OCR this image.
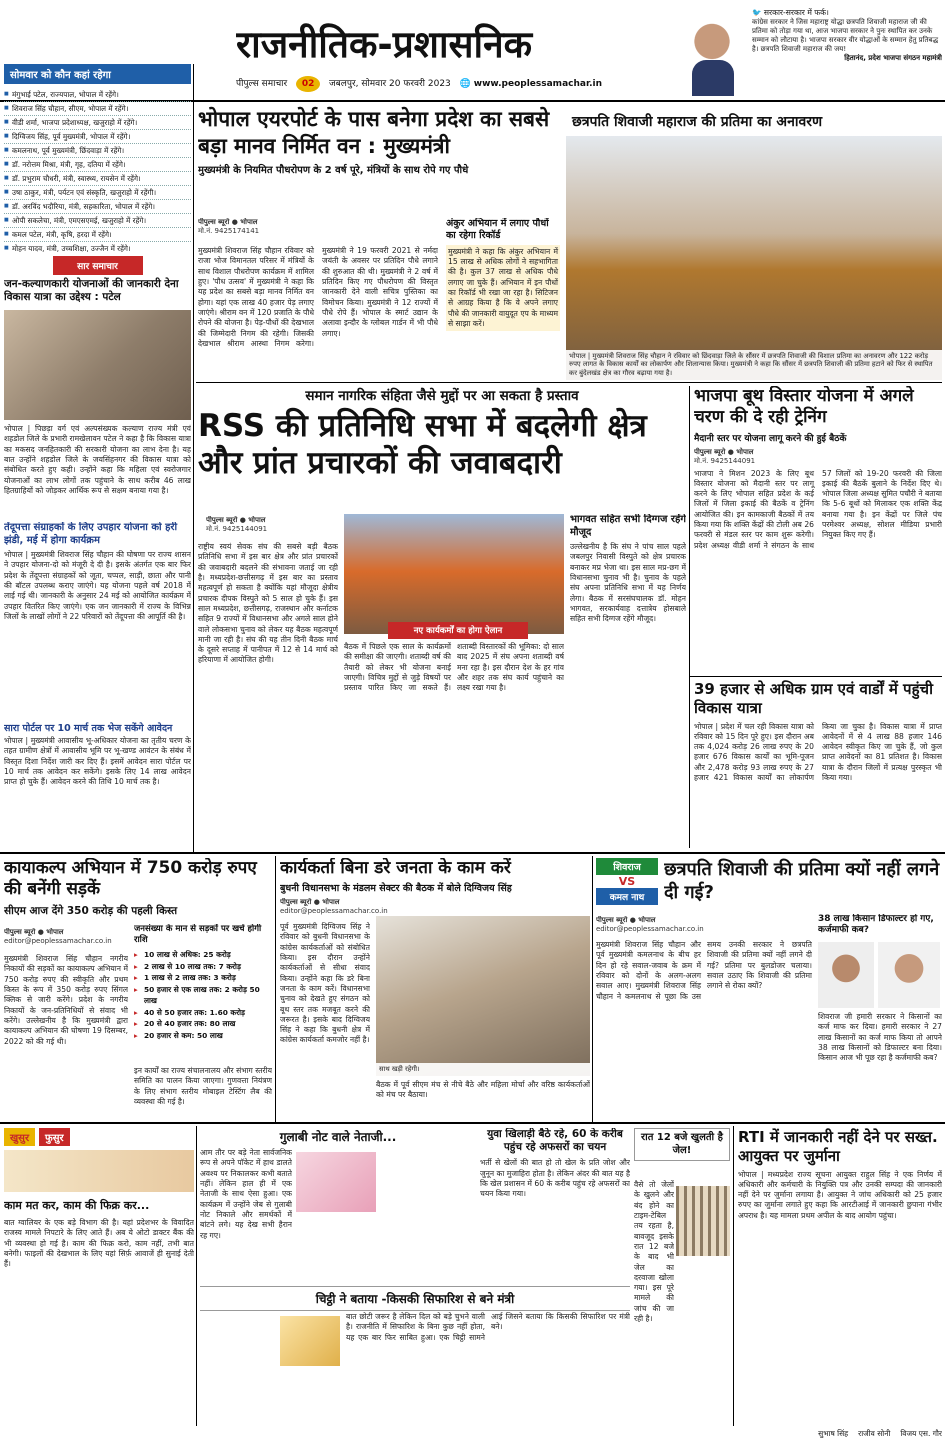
राजनीतिक-प्रशासनिक
पीपुल्स समाचार 02 जबलपुर, सोमवार 20 फरवरी 2023 🌐 www.peoplessamachar.in
🐦 सरकार-सरकार में फर्क।
कांग्रेस सरकार ने जिस महाराष्ट्र योद्धा छत्रपति शिवाजी महाराज जी की प्रतिमा को तोड़ा गया था, आज भाजपा सरकार ने पुनः स्थापित कर उनके सम्मान को लौटाया है। भाजपा सरकार वीर योद्धाओं के सम्मान हेतु प्रतिबद्ध है। छत्रपति शिवाजी महाराज की जय!
हितानंद, प्रदेश भाजपा संगठन महामंत्री
सोमवार को कौन कहां रहेगा
■ मंगुभाई पटेल, राज्यपाल, भोपाल में रहेंगे।
■ शिवराज सिंह चौहान, सीएम, भोपाल में रहेंगे।
■ वीडी शर्मा, भाजपा प्रदेशाध्यक्ष, खजुराहो में रहेंगे।
■ दिग्विजय सिंह, पूर्व मुख्यमंत्री, भोपाल में रहेंगे।
■ कमलनाथ, पूर्व मुख्यमंत्री, छिंदवाड़ा में रहेंगे।
■ डॉ. नरोत्तम मिश्रा, मंत्री, गृह, दतिया में रहेंगे।
■ डॉ. प्रभुराम चौधरी, मंत्री, स्वास्थ्य, रायसेन में रहेंगे।
■ उषा ठाकुर, मंत्री, पर्यटन एवं संस्कृति, खजुराहो में रहेंगी।
■ डॉ. अरविंद भदौरिया, मंत्री, सहकारिता, भोपाल में रहेंगे।
■ ओपी सकलेचा, मंत्री, एमएसएमई, खजुराहो में रहेंगे।
■ कमल पटेल, मंत्री, कृषि, हरदा में रहेंगे।
■ मोहन यादव, मंत्री, उच्चशिक्षा, उज्जैन में रहेंगे।
सार समाचार
जन-कल्याणकारी योजनाओं की जानकारी देना विकास यात्रा का उद्देश्य : पटेल
भोपाल | पिछड़ा वर्ग एवं अल्पसंख्यक कल्याण राज्य मंत्री एवं शहडोल जिले के प्रभारी रामखेलावन पटेल ने कहा है कि विकास यात्रा का मकसद जनहितकारी की सरकारी योजना का लाभ देना है। यह बात उन्होंने शहडोल जिले के जयसिंहनगर की विकास यात्रा को संबोधित करते हुए कही। उन्होंने कहा कि महिला एवं स्वरोजगार योजनाओं का लाभ लोगों तक पहुंचाने के साथ करीब 46 लाख हितग्राहियों को जोड़कर आर्थिक रूप से सक्षम बनाया गया है।
तेंदूपत्ता संग्राहकों के लिए उपहार योजना को हरी झंडी, मई में होगा कार्यक्रम
भोपाल | मुख्यमंत्री शिवराज सिंह चौहान की घोषणा पर राज्य शासन ने उपहार योजना-दो को मंजूरी दे दी है। इसके अंतर्गत एक बार फिर प्रदेश के तेंदूपत्ता संग्राहकों को जूता, चप्पल, साड़ी, छाता और पानी की बॉटल उपलब्ध कराए जाएंगे। यह योजना पहले वर्ष 2018 में लाई गई थी। जानकारी के अनुसार 24 मई को आयोजित कार्यक्रम में उपहार वितरित किए जाएंगे। एक जन जानकारी में राज्य के विभिन्न जिलों के लाखों लोगों ने 22 परिवारों को तेंदूपत्ता की आपूर्ति की है।
सारा पोर्टल पर 10 मार्च तक भेज सकेंगे आवेदन
भोपाल | मुख्यमंत्री आवासीय भू-अधिकार योजना का तृतीय चरण के तहत ग्रामीण क्षेत्रों में आवासीय भूमि पर भू-खण्ड आवंटन के संबंध में विस्तृत दिशा निर्देश जारी कर दिए हैं। इसमें आवेदन सारा पोर्टल पर 10 मार्च तक आवेदन कर सकेंगे। इसके लिए 14 लाख आवेदन प्राप्त हो चुके हैं। आवेदन करने की तिथि 10 मार्च तक है।
भोपाल एयरपोर्ट के पास बनेगा प्रदेश का सबसे बड़ा मानव निर्मित वन : मुख्यमंत्री
मुख्यमंत्री के नियमित पौधरोपण के 2 वर्ष पूरे, मंत्रियों के साथ रोपे गए पौधे
पीपुल्स ब्यूरो ● भोपाल
मो.नं. 9425174141
मुख्यमंत्री शिवराज सिंह चौहान रविवार को राजा भोज विमानतल परिसर में मंत्रियों के साथ विशाल पौधरोपण कार्यक्रम में शामिल हुए। 'पौध उत्सव' में मुख्यमंत्री ने कहा कि यह प्रदेश का सबसे बड़ा मानव निर्मित वन होगा। यहां एक लाख 40 हजार पेड़ लगाए जाएंगे। श्रीराम वन में 120 प्रजाति के पौधे रोपने की योजना है। पेड़-पौधों की देखभाल की जिम्मेदारी निगम की रहेगी। जिसकी देखभाल श्रीराम आस्था निगम करेगा। मुख्यमंत्री ने 19 फरवरी 2021 से नर्मदा जयंती के अवसर पर प्रतिदिन पौधे लगाने की शुरुआत की थी। मुख्यमंत्री ने 2 वर्ष में प्रतिदिन किए गए पौधरोपण की विस्तृत जानकारी देने वाली सचित्र पुस्तिका का विमोचन किया। मुख्यमंत्री ने 12 राज्यों में पौधे रोपे हैं। भोपाल के स्मार्ट उद्यान के अलावा इन्दौर के ग्लोबल गार्डन में भी पौधे लगाए।
अंकुर अभियान में लगाए पौधों का रहेगा रिकॉर्ड
मुख्यमंत्री ने कहा कि अंकुर अभियान में 15 लाख से अधिक लोगों ने सहभागिता की है। कुल 37 लाख से अधिक पौधे लगाए जा चुके हैं। अभियान में इन पौधों का रिकॉर्ड भी रखा जा रहा है। सिटिजन से आग्रह किया है कि वे अपने लगाए पौधे की जानकारी वायुदूत एप के माध्यम से साझा करें।
छत्रपति शिवाजी महाराज की प्रतिमा का अनावरण
भोपाल | मुख्यमंत्री शिवराज सिंह चौहान ने रविवार को छिंदवाड़ा जिले के सौंसर में छत्रपति शिवाजी की विशाल प्रतिमा का अनावरण और 122 करोड़ रुपए लागत के विकास कार्यों का लोकार्पण और शिलान्यास किया। मुख्यमंत्री ने कहा कि सौंसर में छत्रपति शिवाजी की प्रतिमा हटाने को फिर से स्थापित कर बुंदेलखंड क्षेत्र का गौरव बढ़ाया गया है।
समान नागरिक संहिता जैसे मुद्दों पर आ सकता है प्रस्ताव
RSS की प्रतिनिधि सभा में बदलेगी क्षेत्र और प्रांत प्रचारकों की जवाबदारी
पीपुल्स ब्यूरो ● भोपाल
मो.नं. 9425144091
राष्ट्रीय स्वयं सेवक संघ की सबसे बड़ी बैठक प्रतिनिधि सभा में इस बार क्षेत्र और प्रांत प्रचारकों की जवाबदारी बदलने की संभावना जताई जा रही है। मध्यप्रदेश-छत्तीसगढ़ में इस बार का प्रस्ताव महत्वपूर्ण हो सकता है क्योंकि यहां मौजूदा क्षेत्रीय प्रचारक दीपक विस्पुते को 5 साल हो चुके हैं। इस साल मध्यप्रदेश, छत्तीसगढ़, राजस्थान और कर्नाटक सहित 9 राज्यों में विधानसभा और अगले साल होने वाले लोकसभा चुनाव को लेकर यह बैठक महत्वपूर्ण मानी जा रही है। संघ की यह तीन दिनी बैठक मार्च के दूसरे सप्ताह में पानीपत में 12 से 14 मार्च को हरियाणा में आयोजित होगी।
नए कार्यकर्मों का होगा ऐलान
बैठक में पिछले एक साल के कार्यक्रमों की समीक्षा की जाएगी। शताब्दी वर्ष की तैयारी को लेकर भी योजना बनाई जाएगी। विचित्र मुद्दों से जुड़े विषयों पर प्रस्ताव पारित किए जा सकते हैं। शताब्दी विस्तारकों की भूमिका: दो साल बाद 2025 में संघ अपना शताब्दी वर्ष मना रहा है। इस दौरान देश के हर गांव और शहर तक संघ कार्य पहुंचाने का लक्ष्य रखा गया है।
भागवत सहित सभी दिग्गज रहेंगे मौजूद
उल्लेखनीय है कि संघ ने पांच साल पहले जबलपुर निवासी विस्पुते को क्षेत्र प्रचारक बनाकर मप्र भेजा था। इस साल मप्र-छग में विधानसभा चुनाव भी है। चुनाव के पहले संघ अपना प्रतिनिधि सभा में यह निर्णय लेगा। बैठक में सरसंघचालक डॉ. मोहन भागवत, सरकार्यवाह दत्तात्रेय होसबाले सहित सभी दिग्गज रहेंगे मौजूद।
भाजपा बूथ विस्तार योजना में अगले चरण की दे रही ट्रेनिंग
मैदानी स्तर पर योजना लागू करने की हुई बैठकें
पीपुल्स ब्यूरो ● भोपाल
मो.नं. 9425144091
भाजपा ने मिशन 2023 के लिए बूथ विस्तार योजना को मैदानी स्तर पर लागू करने के लिए भोपाल सहित प्रदेश के कई जिलों में जिला इकाई की बैठकें व ट्रेनिंग आयोजित की। इन कामकाजी बैठकों में तय किया गया कि शक्ति केंद्रों की टोली अब 26 फरवरी से मंडल स्तर पर काम शुरू करेगी। प्रदेश अध्यक्ष वीडी शर्मा ने संगठन के साथ 57 जिलों को 19-20 फरवरी की जिला इकाई की बैठकें बुलाने के निर्देश दिए थे। भोपाल जिला अध्यक्ष सुमित पचौरी ने बताया कि 5-6 बूथों को मिलाकर एक शक्ति केंद्र बनाया गया है। इन केंद्रों पर जिले पंच परमेश्वर अध्यक्ष, सोशल मीडिया प्रभारी नियुक्त किए गए हैं।
39 हजार से अधिक ग्राम एवं वार्डों में पहुंची विकास यात्रा
भोपाल | प्रदेश में चल रही विकास यात्रा को रविवार को 15 दिन पूरे हुए। इस दौरान अब तक 4,024 करोड़ 26 लाख रुपए के 20 हजार 676 विकास कार्यों का भूमि-पूजन और 2,478 करोड़ 93 लाख रुपए के 27 हजार 421 विकास कार्यों का लोकार्पण किया जा चुका है। विकास यात्रा में प्राप्त आवेदनों में से 4 लाख 88 हजार 146 आवेदन स्वीकृत किए जा चुके हैं, जो कुल प्राप्त आवेदनों का 81 प्रतिशत है। विकास यात्रा के दौरान जिलों में प्रत्यक्ष पुरस्कृत भी किया गया।
कायाकल्प अभियान में 750 करोड़ रुपए की बनेंगी सड़कें
सीएम आज देंगे 350 करोड़ की पहली किस्त
पीपुल्स ब्यूरो ● भोपाल
editor@peoplessamachar.co.in
मुख्यमंत्री शिवराज सिंह चौहान नगरीय निकायों की सड़कों का कायाकल्प अभियान में 750 करोड़ रुपए की स्वीकृति और प्रथम किस्त के रूप में 350 करोड़ रुपए सिंगल क्लिक से जारी करेंगे। प्रदेश के नगरीय निकायों के जन-प्रतिनिधियों से संवाद भी करेंगे। उल्लेखनीय है कि मुख्यमंत्री द्वारा कायाकल्प अभियान की घोषणा 19 दिसम्बर, 2022 को की गई थी।
जनसंख्या के मान से सड़कों पर खर्च होगी राशि
▸ 10 लाख से अधिक: 25 करोड़
▸ 2 लाख से 10 लाख तक: 7 करोड़
▸ 1 लाख से 2 लाख तक: 3 करोड़
▸ 50 हजार से एक लाख तक: 2 करोड़ 50 लाख
▸ 40 से 50 हजार तक: 1.60 करोड़
▸ 20 से 40 हजार तक: 80 लाख
▸ 20 हजार से कम: 50 लाख
इन कार्यों का राज्य संचालनालय और संभाग स्तरीय समिति का पालन किया जाएगा। गुणवत्ता नियंत्रण के लिए संभाग स्तरीय मोबाइल टेस्टिंग लैब की व्यवस्था की गई है।
कार्यकर्ता बिना डरे जनता के काम करें
बुधनी विधानसभा के मंडलम सेक्टर की बैठक में बोले दिग्विजय सिंह
पीपुल्स ब्यूरो ● भोपाल
editor@peoplessamachar.co.in
पूर्व मुख्यमंत्री दिग्विजय सिंह ने रविवार को बुधनी विधानसभा के कांग्रेस कार्यकर्ताओं को संबोधित किया। इस दौरान उन्होंने कार्यकर्ताओं से सीधा संवाद किया। उन्होंने कहा कि डरे बिना जनता के काम करें। विधानसभा चुनाव को देखते हुए संगठन को बूथ स्तर तक मजबूत करने की जरूरत है। इसके बाद दिग्विजय सिंह ने कहा कि बुधनी क्षेत्र में कांग्रेस कार्यकर्ता कमजोर नहीं है।
साथ खड़ी रहेगी।
बैठक में पूर्व सीएम मंच से नीचे बैठे और महिला मोर्चा और वरिष्ठ कार्यकर्ताओं को मंच पर बैठाया।
शिवराज
VS
कमल नाथ
छत्रपति शिवाजी की प्रतिमा क्यों नहीं लगने दी गई?
पीपुल्स ब्यूरो ● भोपाल
editor@peoplessamachar.co.in
मुख्यमंत्री शिवराज सिंह चौहान और पूर्व मुख्यमंत्री कमलनाथ के बीच हर दिन हो रहे सवाल-जवाब के क्रम में रविवार को दोनों के अलग-अलग सवाल आए। मुख्यमंत्री शिवराज सिंह चौहान ने कमलनाथ से पूछा कि उस समय उनकी सरकार ने छत्रपति शिवाजी की प्रतिमा क्यों नहीं लगने दी गई? प्रतिमा पर बुलडोजर चलाया। सवाल उठाए कि शिवाजी की प्रतिमा लगाने से रोका क्यों?
38 लाख किसान डिफाल्टर हो गए, कर्जमाफी कब?
शिवराज जी हमारी सरकार ने किसानों का कर्ज माफ कर दिया। हमारी सरकार ने 27 लाख किसानों का कर्ज माफ किया तो आपने 38 लाख किसानों को डिफाल्टर बना दिया। किसान आज भी पूछ रहा है कर्जमाफी कब?
खुसुर	फुसुर
काम मत कर, काम की फिक्र कर...
बात ग्वालियर के एक बड़े विभाग की है। यहां प्रदेशभर के विवादित राजस्व मामले निपटारे के लिए आते हैं। अब ये ओटो डाक्टर बैंक की भी व्यवस्था हो गई है। काम की फिक्र करो, काम नहीं, तभी बात बनेगी। फाइलों की देखभाल के लिए यहां सिर्फ़ आवाजें ही सुनाई देती हैं।
गुलाबी नोट वाले नेताजी...
आम तौर पर बड़े नेता सार्वजनिक रूप से अपने पॉकेट में हाथ डालते अवश्य पर निकालकर कभी बताते नहीं। लेकिन हाल ही में एक नेताजी के साथ ऐसा हुआ। एक कार्यक्रम में उन्होंने जेब से गुलाबी नोट निकाले और समर्थकों में बांटने लगे। यह देख सभी हैरान रह गए।
युवा खिलाड़ी बैठे रहे, 60 के करीब पहुंच रहे अफसरों का चयन
भर्ती से खेलों की बात हो तो खेल के प्रति जोश और जुनून का मुजाहिरा होता है। लेकिन अंदर की बात यह है कि खेल प्रशासन में 60 के करीब पहुंच रहे अफसरों का चयन किया गया।
रात 12 बजे खुलती है जेल!
वैसे तो जेलों के खुलने और बंद होने का टाइम-टेबिल तय रहता है, बावजूद इसके रात 12 बजे के बाद भी जेल का दरवाजा खोला गया। इस पूरे मामले की जांच की जा रही है।
चिट्ठी ने बताया -किसकी सिफारिश से बने मंत्री
बात छोटी जरूर है लेकिन दिल को बड़े चुभने वाली है। राजनीति में सिफारिश के बिना कुछ नहीं होता, यह एक बार फिर साबित हुआ। एक चिट्ठी सामने आई जिसने बताया कि किसकी सिफारिश पर मंत्री बने।
RTI में जानकारी नहीं देने पर सख्त. आयुक्त पर जुर्माना
भोपाल | मध्यप्रदेश राज्य सूचना आयुक्त राहुल सिंह ने एक निर्णय में अधिकारी और कर्मचारी के नियुक्ति पत्र और उनकी सम्पदा की जानकारी नहीं देने पर जुर्माना लगाया है। आयुक्त ने जांच अधिकारी को 25 हजार रुपए का जुर्माना लगाते हुए कहा कि आरटीआई में जानकारी छुपाना गंभीर अपराध है। यह मामला प्रथम अपील के बाद आयोग पहुंचा।
सुभाष सिंह राजीव सोनी विजय एस. गौर
